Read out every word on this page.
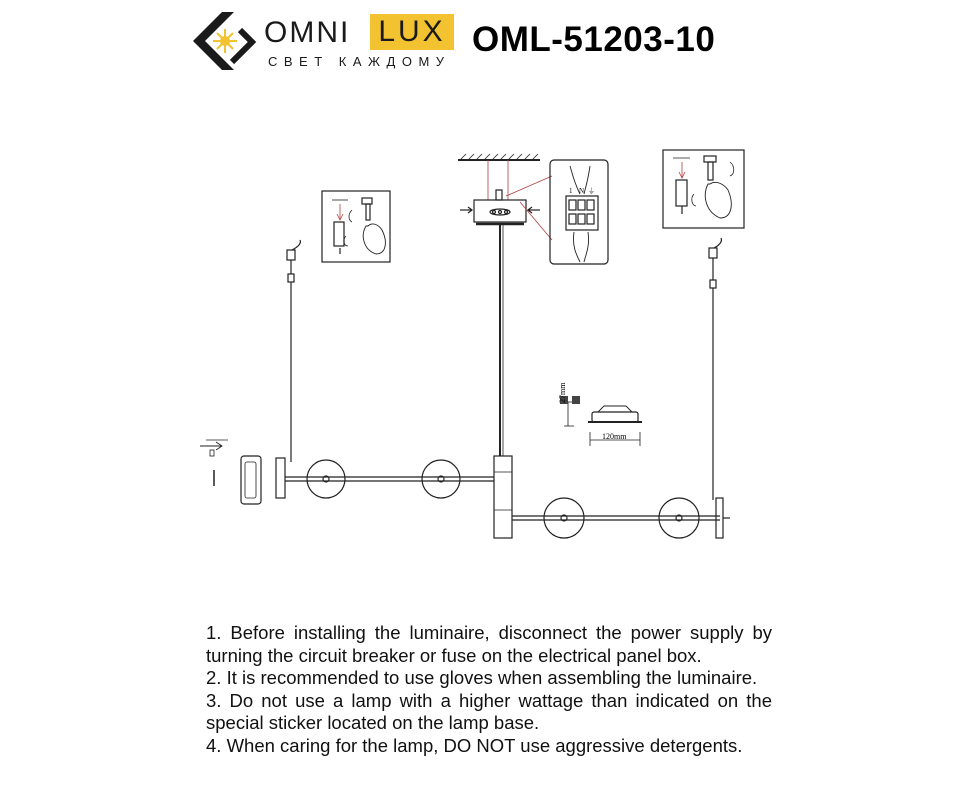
OMNI LUX
СВЕТ КАЖДОМУ
OML-51203-10
27mm
120mm
1 N ⏚

1. Before installing the luminaire, disconnect the power supply by turning the circuit breaker or fuse on the electrical panel box.

2. It is recommended to use gloves when assembling the luminaire.

3. Do not use a lamp with a higher wattage than indicated on the special sticker located on the lamp base.

4. When caring for the lamp, DO NOT use aggressive detergents.
